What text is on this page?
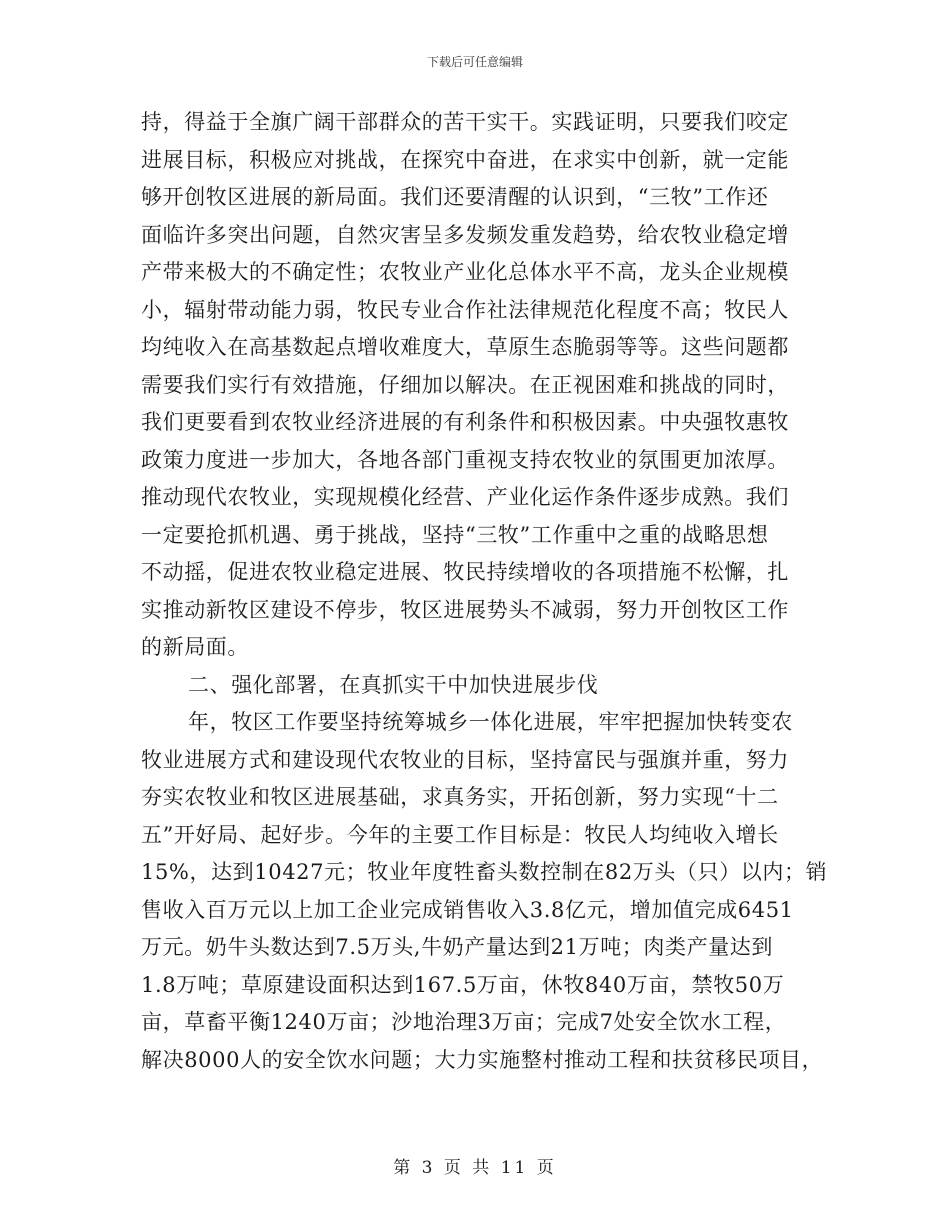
下载后可任意编辑
持，得益于全旗广阔干部群众的苦干实干。实践证明，只要我们咬定
进展目标，积极应对挑战，在探究中奋进，在求实中创新，就一定能
够开创牧区进展的新局面。我们还要清醒的认识到，“三牧”工作还
面临许多突出问题，自然灾害呈多发频发重发趋势，给农牧业稳定增
产带来极大的不确定性；农牧业产业化总体水平不高，龙头企业规模
小，辐射带动能力弱，牧民专业合作社法律规范化程度不高；牧民人
均纯收入在高基数起点增收难度大，草原生态脆弱等等。这些问题都
需要我们实行有效措施，仔细加以解决。在正视困难和挑战的同时，
我们更要看到农牧业经济进展的有利条件和积极因素。中央强牧惠牧
政策力度进一步加大，各地各部门重视支持农牧业的氛围更加浓厚。
推动现代农牧业，实现规模化经营、产业化运作条件逐步成熟。我们
一定要抢抓机遇、勇于挑战，坚持“三牧”工作重中之重的战略思想
不动摇，促进农牧业稳定进展、牧民持续增收的各项措施不松懈，扎
实推动新牧区建设不停步，牧区进展势头不减弱，努力开创牧区工作
的新局面。
二、强化部署，在真抓实干中加快进展步伐
年，牧区工作要坚持统筹城乡一体化进展，牢牢把握加快转变农
牧业进展方式和建设现代农牧业的目标，坚持富民与强旗并重，努力
夯实农牧业和牧区进展基础，求真务实，开拓创新，努力实现“十二
五”开好局、起好步。今年的主要工作目标是：牧民人均纯收入增长
15%，达到10427元；牧业年度牲畜头数控制在82万头（只）以内；销
售收入百万元以上加工企业完成销售收入3.8亿元，增加值完成6451
万元。奶牛头数达到7.5万头,牛奶产量达到21万吨；肉类产量达到
1.8万吨；草原建设面积达到167.5万亩，休牧840万亩，禁牧50万
亩，草畜平衡1240万亩；沙地治理3万亩；完成7处安全饮水工程，
解决8000人的安全饮水问题；大力实施整村推动工程和扶贫移民项目，
第 3 页 共 11 页
